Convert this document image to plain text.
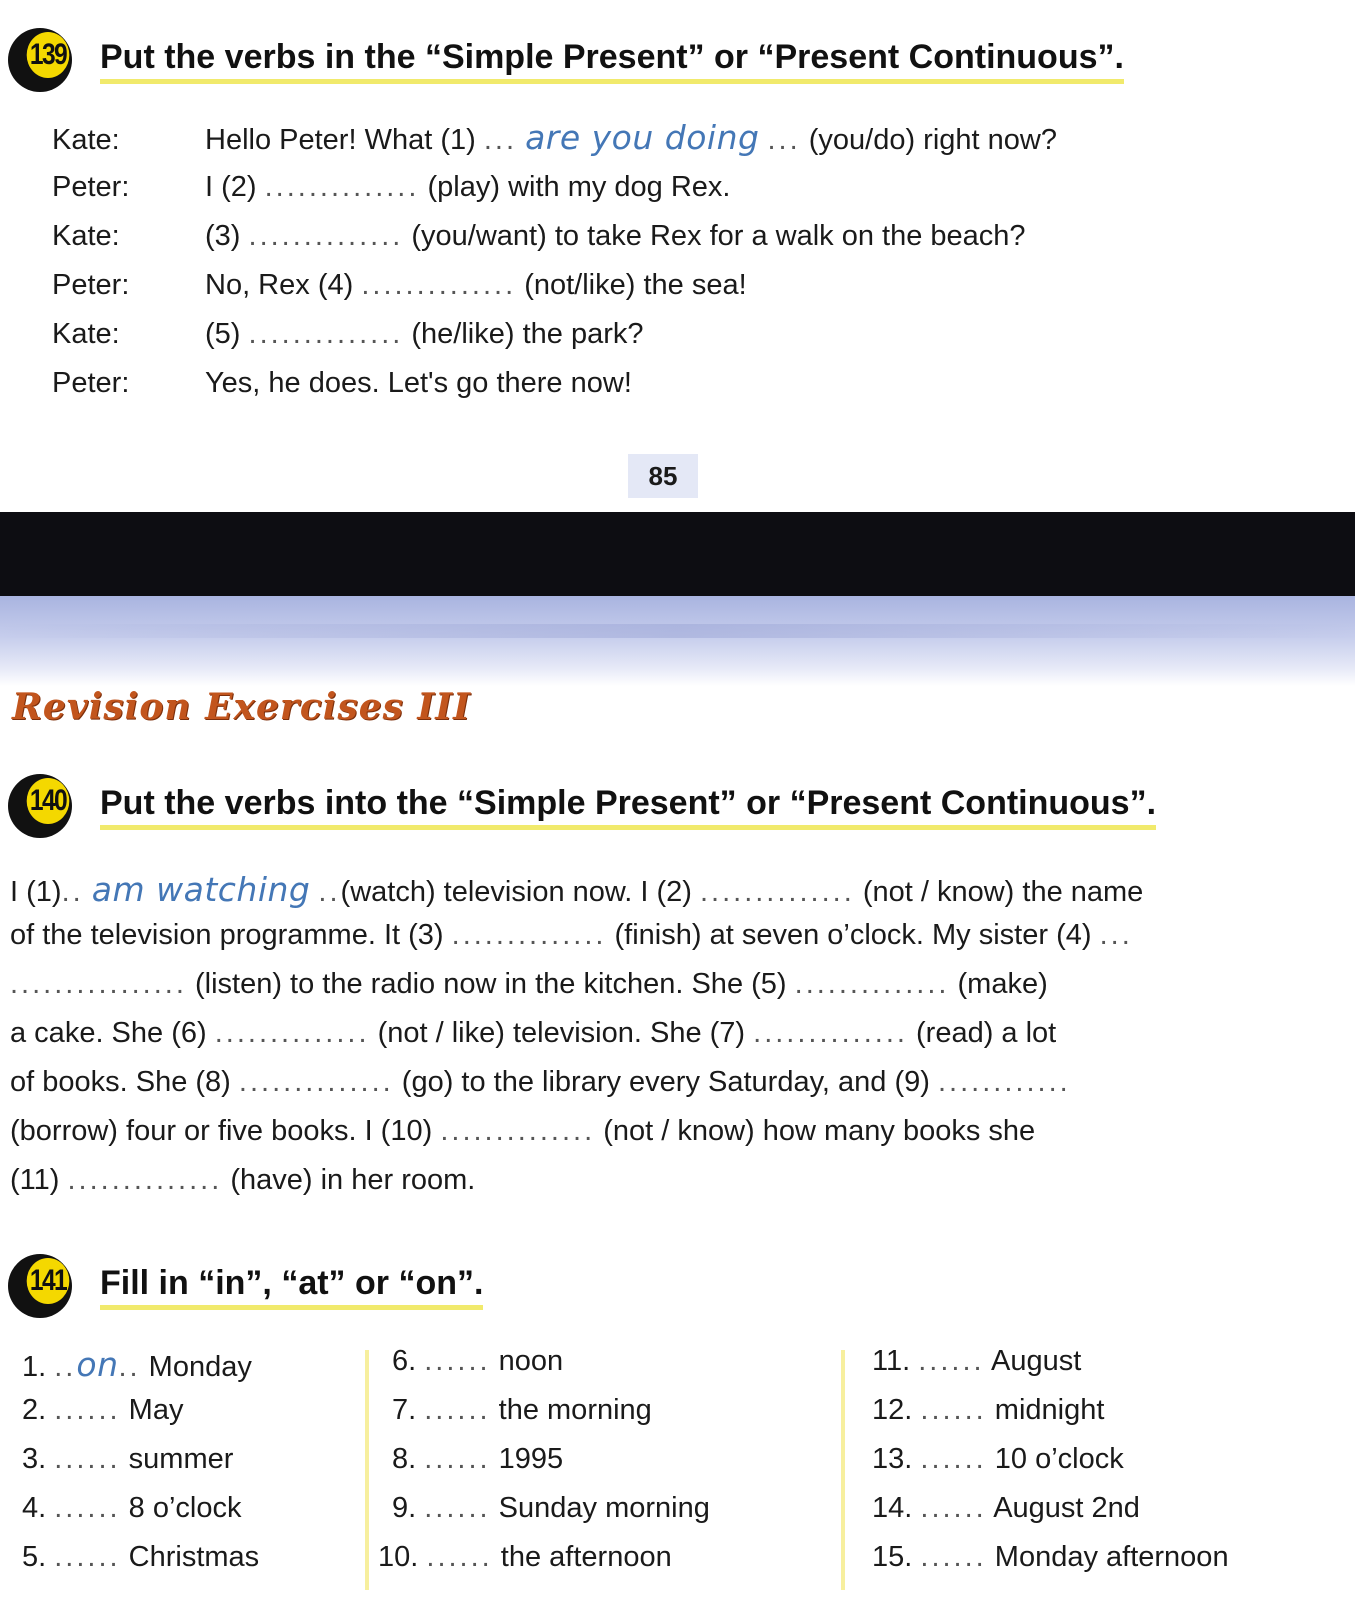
139 Put the verbs in the “Simple Present” or “Present Continuous”.
Kate:	Hello Peter! What (1) ... are you doing ... (you/do) right now?
Peter:	I (2) .............. (play) with my dog Rex.
Kate:	(3) .............. (you/want) to take Rex for a walk on the beach?
Peter:	No, Rex (4) .............. (not/like) the sea!
Kate:	(5) .............. (he/like) the park?
Peter:	Yes, he does. Let's go there now!
85
Revision Exercises III
140 Put the verbs into the “Simple Present” or “Present Continuous”.
I (1).. am watching ..(watch) television now. I (2) .............. (not / know) the name
of the television programme. It (3) .............. (finish) at seven o’clock. My sister (4) ...
................ (listen) to the radio now in the kitchen. She (5) .............. (make)
a cake. She (6) .............. (not / like) television. She (7) .............. (read) a lot
of books. She (8) .............. (go) to the library every Saturday, and (9) ............
(borrow) four or five books. I (10) .............. (not / know) how many books she
(11) .............. (have) in her room.
141 Fill in “in”, “at” or “on”.
1. ..on.. Monday
2. ...... May
3. ...... summer
4. ...... 8 o’clock
5. ...... Christmas
6. ...... noon
7. ...... the morning
8. ...... 1995
9. ...... Sunday morning
10. ...... the afternoon
11. ...... August
12. ...... midnight
13. ...... 10 o’clock
14. ...... August 2nd
15. ...... Monday afternoon
